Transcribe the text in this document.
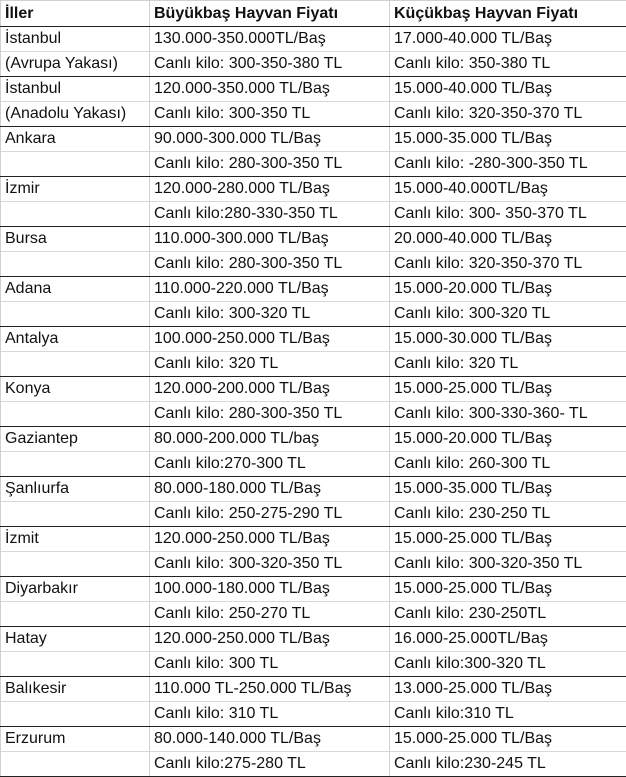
İller	Büyükbaş Hayvan Fiyatı	Küçükbaş Hayvan Fiyatı
İstanbul	130.000-350.000TL/Baş	17.000-40.000 TL/Baş
(Avrupa Yakası)	Canlı kilo: 300-350-380 TL	Canlı kilo: 350-380 TL
İstanbul	120.000-350.000 TL/Baş	15.000-40.000 TL/Baş
(Anadolu Yakası)	Canlı kilo: 300-350 TL	Canlı kilo: 320-350-370 TL
Ankara	90.000-300.000 TL/Baş	15.000-35.000 TL/Baş
	Canlı kilo: 280-300-350 TL	Canlı kilo: -280-300-350 TL
İzmir	120.000-280.000 TL/Baş	15.000-40.000TL/Baş
	Canlı kilo:280-330-350 TL	Canlı kilo: 300- 350-370 TL
Bursa	110.000-300.000 TL/Baş	20.000-40.000 TL/Baş
	Canlı kilo: 280-300-350 TL	Canlı kilo: 320-350-370 TL
Adana	110.000-220.000 TL/Baş	15.000-20.000 TL/Baş
	Canlı kilo: 300-320 TL	Canlı kilo: 300-320 TL
Antalya	100.000-250.000 TL/Baş	15.000-30.000 TL/Baş
	Canlı kilo: 320 TL	Canlı kilo: 320 TL
Konya	120.000-200.000 TL/Baş	15.000-25.000 TL/Baş
	Canlı kilo: 280-300-350 TL	Canlı kilo: 300-330-360- TL
Gaziantep	80.000-200.000 TL/baş	15.000-20.000 TL/Baş
	Canlı kilo:270-300 TL	Canlı kilo: 260-300 TL
Şanlıurfa	80.000-180.000 TL/Baş	15.000-35.000 TL/Baş
	Canlı kilo: 250-275-290 TL	Canlı kilo: 230-250 TL
İzmit	120.000-250.000 TL/Baş	15.000-25.000 TL/Baş
	Canlı kilo: 300-320-350 TL	Canlı kilo: 300-320-350 TL
Diyarbakır	100.000-180.000 TL/Baş	15.000-25.000 TL/Baş
	Canlı kilo: 250-270 TL	Canlı kilo: 230-250TL
Hatay	120.000-250.000 TL/Baş	16.000-25.000TL/Baş
	Canlı kilo: 300 TL	Canlı kilo:300-320 TL
Balıkesir	110.000 TL-250.000 TL/Baş	13.000-25.000 TL/Baş
	Canlı kilo: 310 TL	Canlı kilo:310 TL
Erzurum	80.000-140.000 TL/Baş	15.000-25.000 TL/Baş
	Canlı kilo:275-280 TL	Canlı kilo:230-245 TL
